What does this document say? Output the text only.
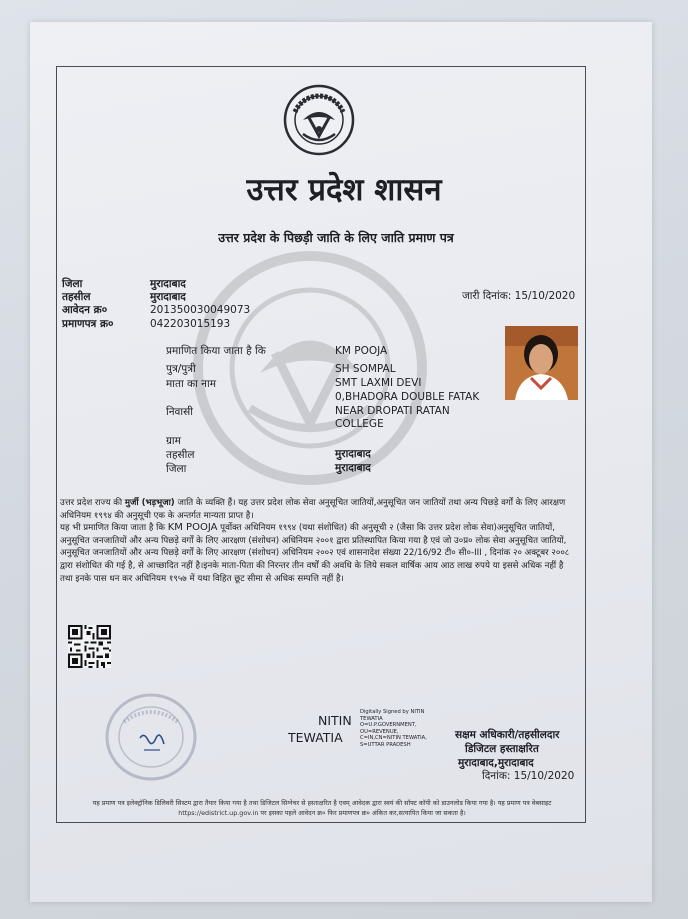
उत्तर प्रदेश शासन
उत्तर प्रदेश के पिछड़ी जाति के लिए जाति प्रमाण पत्र
जिला	मुरादाबाद
तहसील	मुरादाबाद
आवेदन क्र०	201350030049073
प्रमाणपत्र क्र०	042203015193
जारी दिनांक: 15/10/2020
प्रमाणित किया जाता है कि	KM POOJA
पुत्र/पुत्री	SH SOMPAL
माता का नाम	SMT LAXMI DEVI
0,BHADORA DOUBLE FATAK
निवासी	NEAR DROPATI RATAN
COLLEGE
ग्राम
तहसील	मुरादाबाद
जिला	मुरादाबाद
उत्तर प्रदेश राज्य की मुर्जी (भड़भूजा) जाति के व्यक्ति हैं। यह उत्तर प्रदेश लोक सेवा अनुसूचित जातियों,अनुसूचित जन जातियों तथा अन्य पिछड़े वर्गों के लिए आरक्षण अधिनियम १९९४ की अनुसूची एक के अन्तर्गत मान्यता प्राप्त है।
यह भी प्रमाणित किया जाता है कि KM POOJA पूर्वोक्त अधिनियम १९९४ (यथा संशोधित) की अनुसूची २ (जैसा कि उत्तर प्रदेश लोक सेवा)अनुसूचित जातियों, अनुसूचित जनजातियों और अन्य पिछड़े वर्गों के लिए आरक्षण (संशोधन) अधिनियम २००१ द्वारा प्रतिस्थापित किया गया है एवं जो उ०प्र० लोक सेवा अनुसूचित जातियों, अनुसूचित जनजातियों और अन्य पिछड़े वर्गों के लिए आरक्षण (संशोधन) अधिनियम २००२ एवं शासनादेश संख्या 22/16/92 टी० सी०-III , दिनांक २० अक्टूबर २००८ द्वारा संशोधित की गई है, से आच्छादित नहीं है।इनके माता-पिता की निरन्तर तीन वर्षों की अवधि के लिये सकल वार्षिक आय आठ लाख रुपये या इससे अधिक नहीं है तथा इनके पास धन कर अधिनियम १९५७ में यथा विहित छूट सीमा से अधिक सम्पत्ति नहीं है।
NITIN
TEWATIA
Digitally Signed by NITIN
TEWATIA
O=U.P.GOVERNMENT,
OU=REVENUE,
C=IN,CN=NITIN TEWATIA,
S=UTTAR PRADESH
सक्षम अधिकारी/तहसीलदार
डिजिटल हस्ताक्षरित
मुरादाबाद,मुरादाबाद
दिनांक: 15/10/2020
यह प्रमाण पत्र इलेक्ट्रॉनिक डिलिवरी सिस्टम द्वारा तैयार किया गया है तथा डिजिटल सिग्नेचर से हस्ताक्षरित है एवम् आवेदक द्वारा स्वयं की सॉफ्ट कॉपी को डाउनलोड किया गया है। यह प्रमाण पत्र वेबसाइट https://edistrict.up.gov.in पर इसका पहले आवेदन क्र० फिर प्रमाणपत्र क्र० अंकित कर,सत्यापित किया जा सकता है।
